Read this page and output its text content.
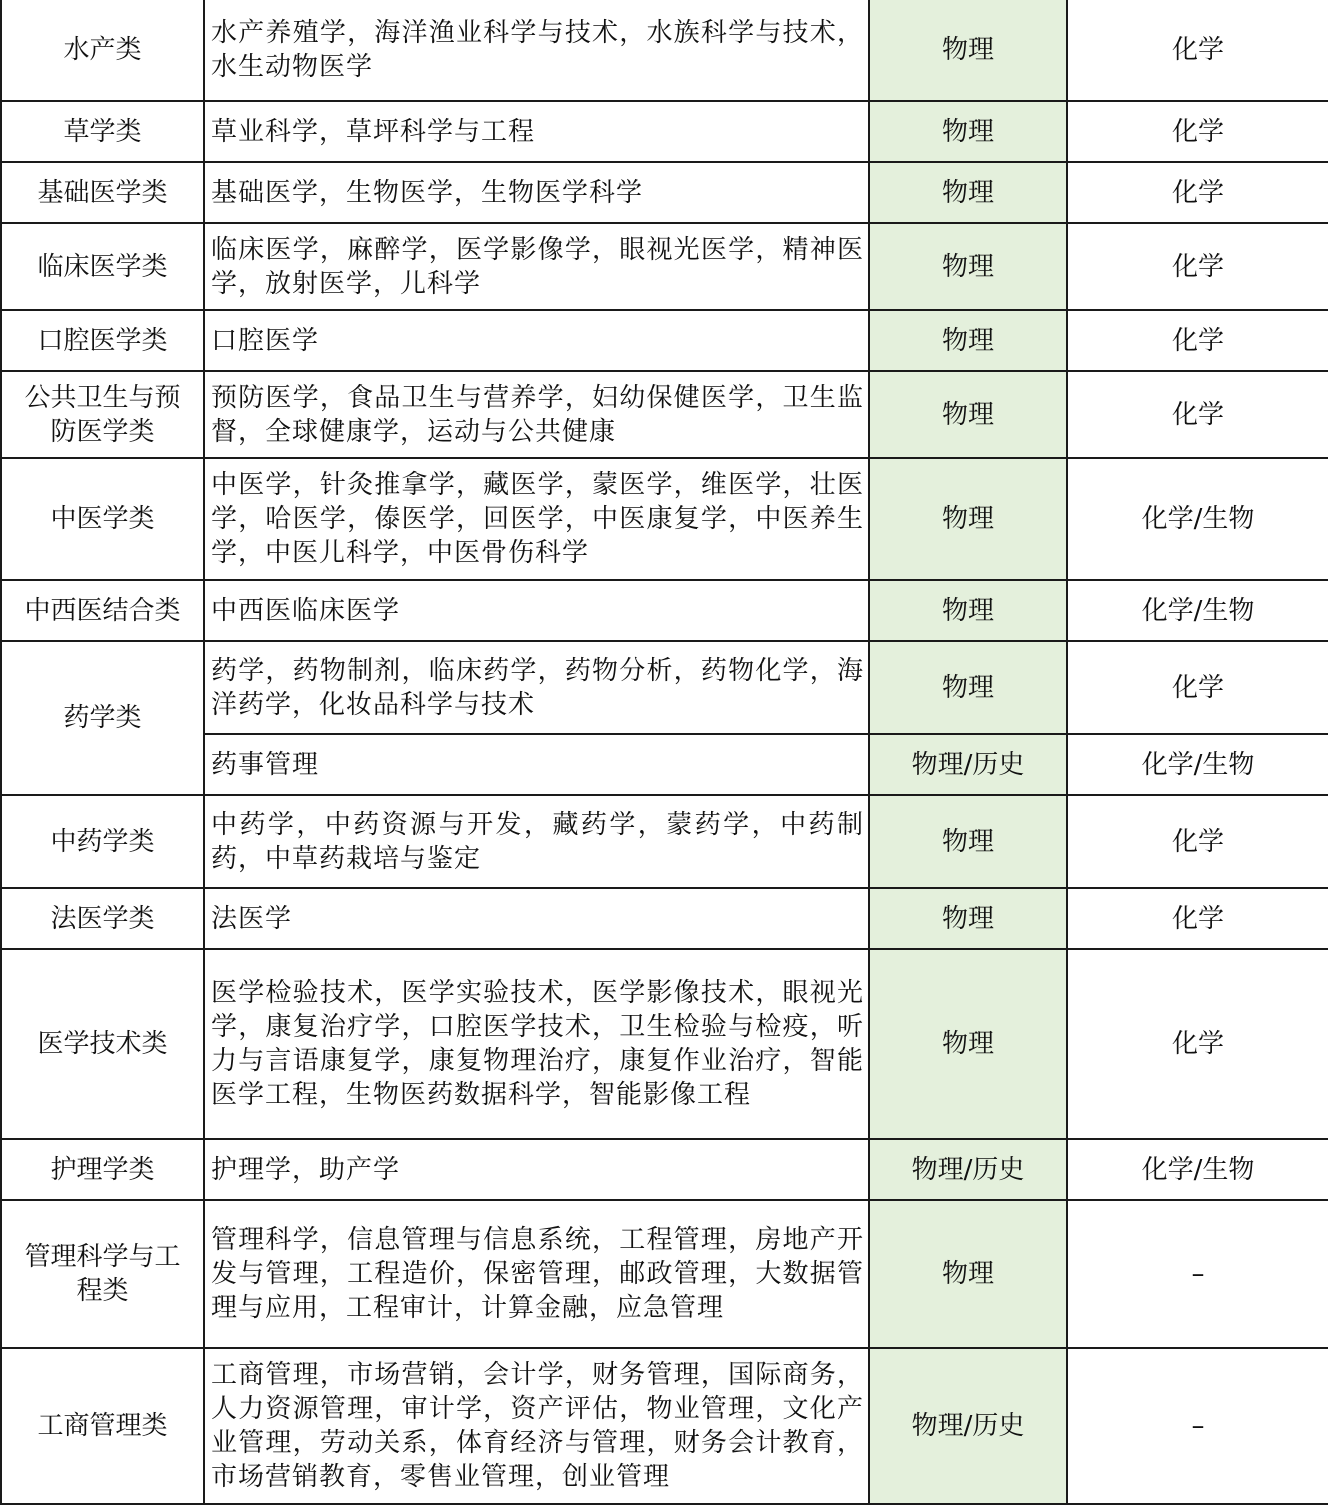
水产类	水产养殖学，海洋渔业科学与技术，水族科学与技术，水生动物医学	物理	化学
草学类	草业科学，草坪科学与工程	物理	化学
基础医学类	基础医学，生物医学，生物医学科学	物理	化学
临床医学类	临床医学，麻醉学，医学影像学，眼视光医学，精神医学，放射医学，儿科学	物理	化学
口腔医学类	口腔医学	物理	化学
公共卫生与预防医学类	预防医学，食品卫生与营养学，妇幼保健医学，卫生监督，全球健康学，运动与公共健康	物理	化学
中医学类	中医学，针灸推拿学，藏医学，蒙医学，维医学，壮医学，哈医学，傣医学，回医学，中医康复学，中医养生学，中医儿科学，中医骨伤科学	物理	化学/生物
中西医结合类	中西医临床医学	物理	化学/生物
药学类	药学，药物制剂，临床药学，药物分析，药物化学，海洋药学，化妆品科学与技术	物理	化学
	药事管理	物理/历史	化学/生物
中药学类	中药学，中药资源与开发，藏药学，蒙药学，中药制药，中草药栽培与鉴定	物理	化学
法医学类	法医学	物理	化学
医学技术类	医学检验技术，医学实验技术，医学影像技术，眼视光学，康复治疗学，口腔医学技术，卫生检验与检疫，听力与言语康复学，康复物理治疗，康复作业治疗，智能医学工程，生物医药数据科学，智能影像工程	物理	化学
护理学类	护理学，助产学	物理/历史	化学/生物
管理科学与工程类	管理科学，信息管理与信息系统，工程管理，房地产开发与管理，工程造价，保密管理，邮政管理，大数据管理与应用，工程审计，计算金融，应急管理	物理	–
工商管理类	工商管理，市场营销，会计学，财务管理，国际商务，人力资源管理，审计学，资产评估，物业管理，文化产业管理，劳动关系，体育经济与管理，财务会计教育，市场营销教育，零售业管理，创业管理	物理/历史	–
